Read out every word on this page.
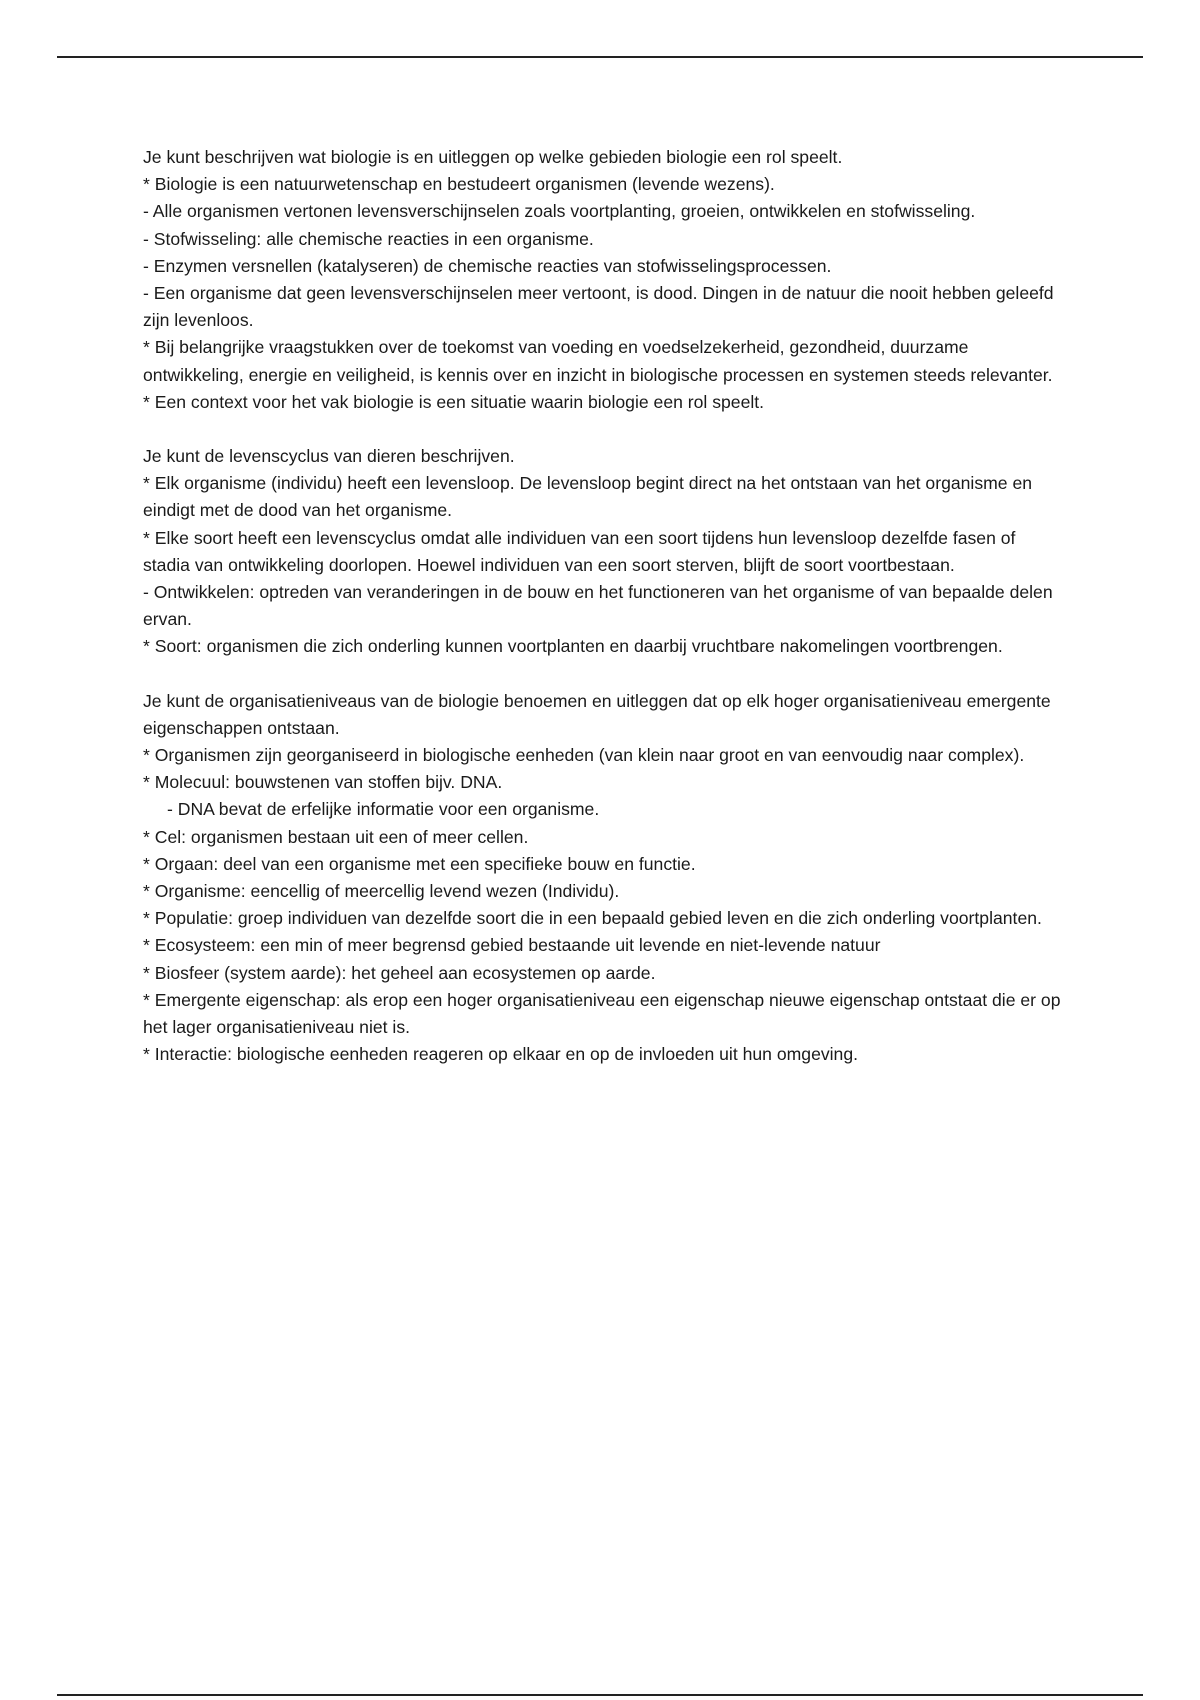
Je kunt beschrijven wat biologie is en uitleggen op welke gebieden biologie een rol speelt.

* Biologie is een natuurwetenschap en bestudeert organismen (levende wezens).

- Alle organismen vertonen levensverschijnselen zoals voortplanting, groeien, ontwikkelen en stofwisseling.

- Stofwisseling: alle chemische reacties in een organisme.

- Enzymen versnellen (katalyseren) de chemische reacties van stofwisselingsprocessen.

- Een organisme dat geen levensverschijnselen meer vertoont, is dood. Dingen in de natuur die nooit hebben geleefd zijn levenloos.

* Bij belangrijke vraagstukken over de toekomst van voeding en voedselzekerheid, gezondheid, duurzame ontwikkeling, energie en veiligheid, is kennis over en inzicht in biologische processen en systemen steeds relevanter.

* Een context voor het vak biologie is een situatie waarin biologie een rol speelt.

Je kunt de levenscyclus van dieren beschrijven.

* Elk organisme (individu) heeft een levensloop. De levensloop begint direct na het ontstaan van het organisme en eindigt met de dood van het organisme.

* Elke soort heeft een levenscyclus omdat alle individuen van een soort tijdens hun levensloop dezelfde fasen of stadia van ontwikkeling doorlopen. Hoewel individuen van een soort sterven, blijft de soort voortbestaan.

- Ontwikkelen: optreden van veranderingen in de bouw en het functioneren van het organisme of van bepaalde delen ervan.

* Soort: organismen die zich onderling kunnen voortplanten en daarbij vruchtbare nakomelingen voortbrengen.

Je kunt de organisatieniveaus van de biologie benoemen en uitleggen dat op elk hoger organisatieniveau emergente eigenschappen ontstaan.

* Organismen zijn georganiseerd in biologische eenheden (van klein naar groot en van eenvoudig naar complex).

* Molecuul: bouwstenen van stoffen bijv. DNA.

- DNA bevat de erfelijke informatie voor een organisme.

* Cel: organismen bestaan uit een of meer cellen.

* Orgaan: deel van een organisme met een specifieke bouw en functie.

* Organisme: eencellig of meercellig levend wezen (Individu).

* Populatie: groep individuen van dezelfde soort die in een bepaald gebied leven en die zich onderling voortplanten.

* Ecosysteem: een min of meer begrensd gebied bestaande uit levende en niet-levende natuur

* Biosfeer (system aarde): het geheel aan ecosystemen op aarde.

* Emergente eigenschap: als erop een hoger organisatieniveau een eigenschap nieuwe eigenschap ontstaat die er op het lager organisatieniveau niet is.

* Interactie: biologische eenheden reageren op elkaar en op de invloeden uit hun omgeving.
